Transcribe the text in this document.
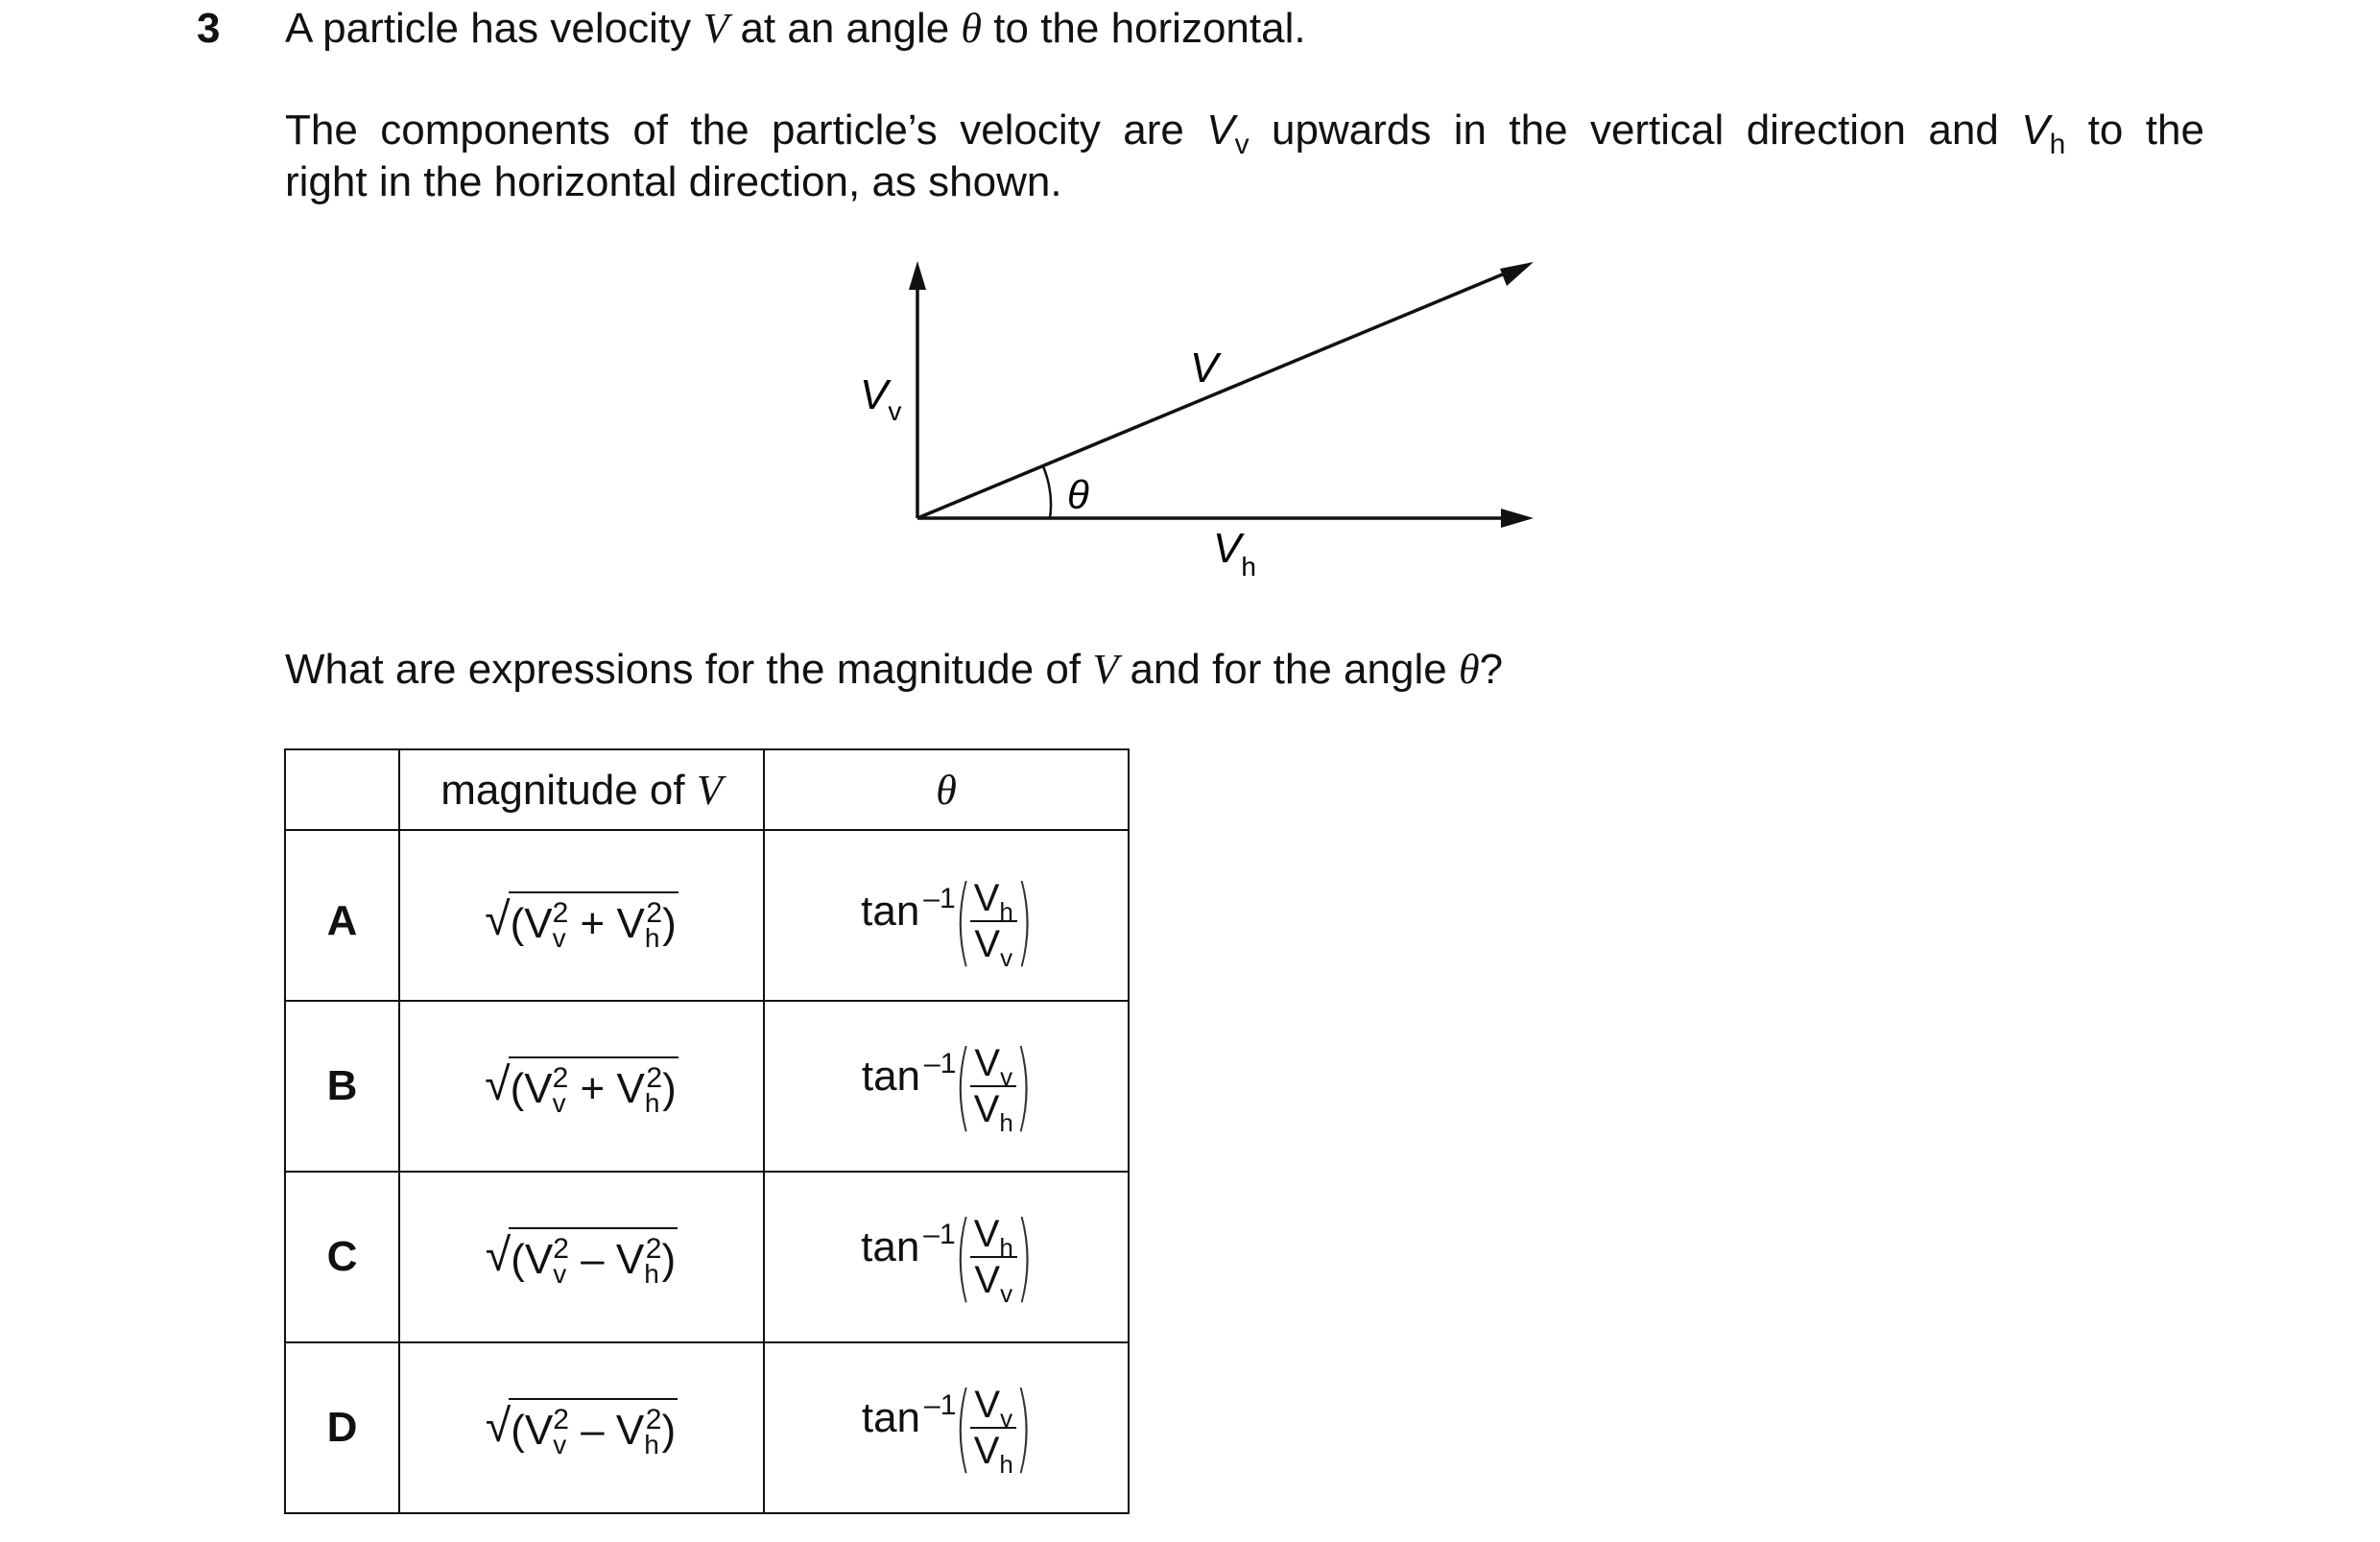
3 A particle has velocity V at an angle θ to the horizontal.
The components of the particle’s velocity are $V_v$ upwards in the vertical direction and $V_h$ to the
right in the horizontal direction, as shown.
V
$V_v$
$V_h$
θ
What are expressions for the magnitude of V and for the angle θ?
	magnitude of V	θ
A	√ $(V_v^2 + V_h^2)$	tan $^{-1}$
(
$\frac{V_h}{V_v}$
)

B	√ $(V_v^2 + V_h^2)$	tan $^{-1}$
(
$\frac{V_v}{V_h}$
)

C	√ $(V_v^2 - V_h^2)$	tan $^{-1}$
(
$\frac{V_h}{V_v}$
)

D	√ $(V_v^2 - V_h^2)$	tan $^{-1}$
(
$\frac{V_v}{V_h}$
)
